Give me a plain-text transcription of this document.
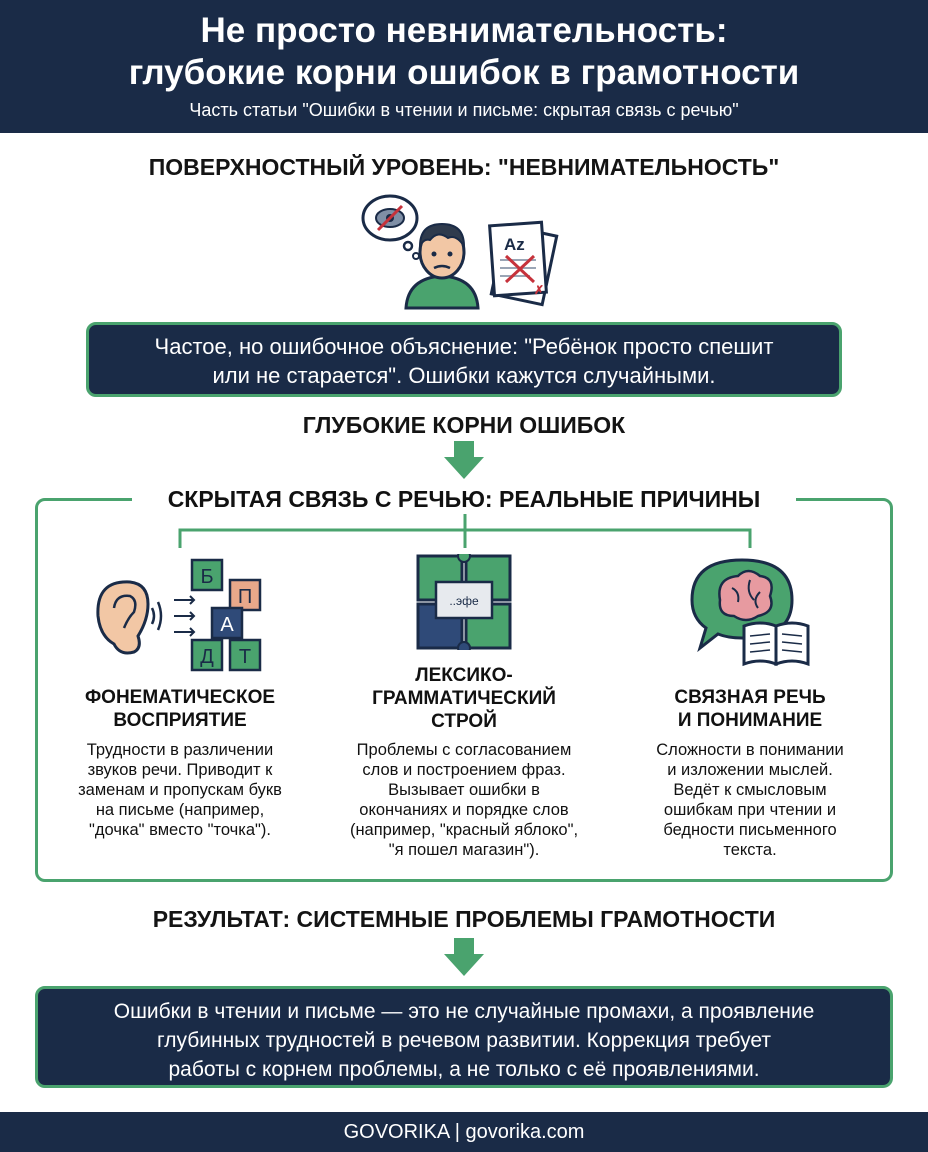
Не просто невнимательность:
глубокие корни ошибок в грамотности
Часть статьи "Ошибки в чтении и письме: скрытая связь с речью"
ПОВЕРХНОСТНЫЙ УРОВЕНЬ: "НЕВНИМАТЕЛЬНОСТЬ"
Az
✗
Частое, но ошибочное объяснение: "Ребёнок просто спешит
или не старается". Ошибки кажутся случайными.
ГЛУБОКИЕ КОРНИ ОШИБОК
СКРЫТАЯ СВЯЗЬ С РЕЧЬЮ: РЕАЛЬНЫЕ ПРИЧИНЫ
Б
П
А
Д Т
..эфе
ФОНЕМАТИЧЕСКОЕ
ВОСПРИЯТИЕ
ЛЕКСИКО-
ГРАММАТИЧЕСКИЙ
СТРОЙ
СВЯЗНАЯ РЕЧЬ
И ПОНИМАНИЕ
Трудности в различении
звуков речи. Приводит к
заменам и пропускам букв
на письме (например,
"дочка" вместо "точка").
Проблемы с согласованием
слов и построением фраз.
Вызывает ошибки в
окончаниях и порядке слов
(например, "красный яблоко",
"я пошел магазин").
Сложности в понимании
и изложении мыслей.
Ведёт к смысловым
ошибкам при чтении и
бедности письменного
текста.
РЕЗУЛЬТАТ: СИСТЕМНЫЕ ПРОБЛЕМЫ ГРАМОТНОСТИ
Ошибки в чтении и письме — это не случайные промахи, а проявление
глубинных трудностей в речевом развитии. Коррекция требует
работы с корнем проблемы, а не только с её проявлениями.
GOVORIKA | govorika.com
